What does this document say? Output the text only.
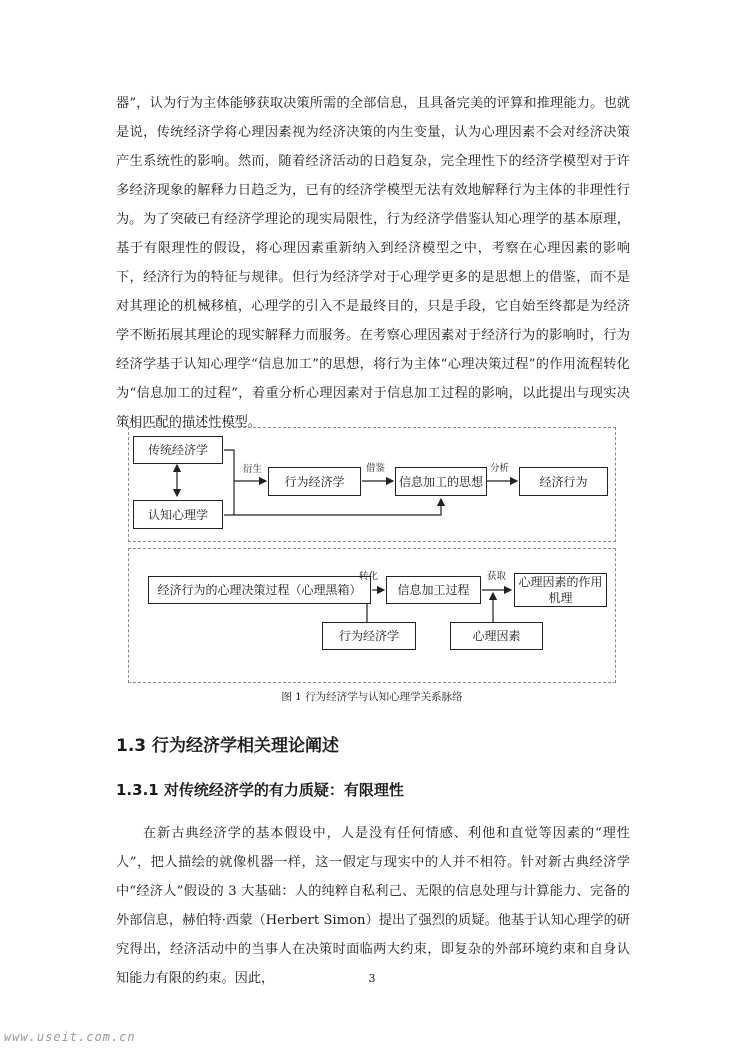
器”，认为行为主体能够获取决策所需的全部信息，且具备完美的评算和推理能力。也就是说，传统经济学将心理因素视为经济决策的内生变量，认为心理因素不会对经济决策产生系统性的影响。然而，随着经济活动的日趋复杂，完全理性下的经济学模型对于许多经济现象的解释力日趋乏为，已有的经济学模型无法有效地解释行为主体的非理性行为。 为了突破已有经济学理论的现实局限性，行为经济学借鉴认知心理学的基本原理，基于有限理性的假设，将心理因素重新纳入到经济模型之中，考察在心理因素的影响下，经济行为的特征与规律。但行为经济学对于心理学更多的是思想上的借鉴，而不是对其理论的机械移植，心理学的引入不是最终目的，只是手段，它自始至终都是为经济学不断拓展其理论的现实解释力而服务。在考察心理因素对于经济行为的影响时，行为经济学基于认知心理学“信息加工”的思想，将行为主体“心理决策过程”的作用流程转化为“信息加工的过程”，着重分析心理因素对于信息加工过程的影响，以此提出与现实决策相匹配的描述性模型。

传统经济学
认知心理学
行为经济学	信息加工的思想	经济行为
衍生	借鉴	分析
经济行为的心理决策过程（心理黑箱）	信息加工过程
心理因素的作用
机理
行为经济学	心理因素
转化	获取
图 1 行为经济学与认知心理学关系脉络
1.3 行为经济学相关理论阐述
1.3.1 对传统经济学的有力质疑：有限理性

在新古典经济学的基本假设中，人是没有任何情感、利他和直觉等因素的“理性人”，把人描绘的就像机器一样，这一假定与现实中的人并不相符。针对新古典经济学中“经济人”假设的 3 大基础：人的纯粹自私利己、无限的信息处理与计算能力、完备的外部信息，赫伯特·西蒙（Herbert Simon）提出了强烈的质疑。他基于认知心理学的研究得出，经济活动中的当事人在决策时面临两大约束，即复杂的外部环境约束和自身认知能力有限的约束。因此，	3
www.useit.com.cn
